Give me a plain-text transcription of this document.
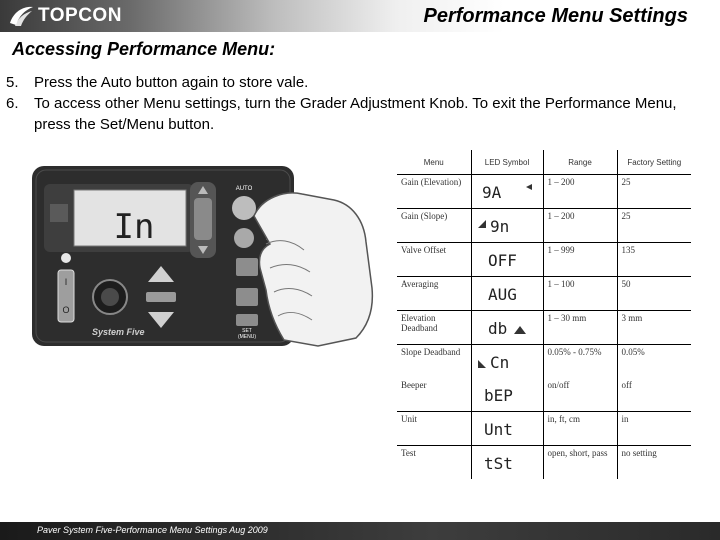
TOPCON	Performance Menu Settings
Accessing Performance Menu:
5.	Press the Auto button again to store vale.
6.	To access other Menu settings, turn the Grader Adjustment Knob. To exit the Performance Menu, press the Set/Menu button.
In
AUTO
SET
(MENU)
I
O
System Five
Menu	LED Symbol	Range	Factory Setting
Gain (Elevation)	9A	1 – 200	25
Gain (Slope)	9n	1 – 200	25
Valve Offset	OFF	1 – 999	135
Averaging	AUG	1 – 100	50
Elevation Deadband	db	1 – 30 mm	3 mm
Slope Deadband	Cn	0.05% - 0.75%	0.05%
Beeper	bEP	on/off	off
Unit	Unt	in, ft, cm	in
Test	tSt	open, short, pass	no setting
Paver System Five-Performance Menu Settings Aug 2009
